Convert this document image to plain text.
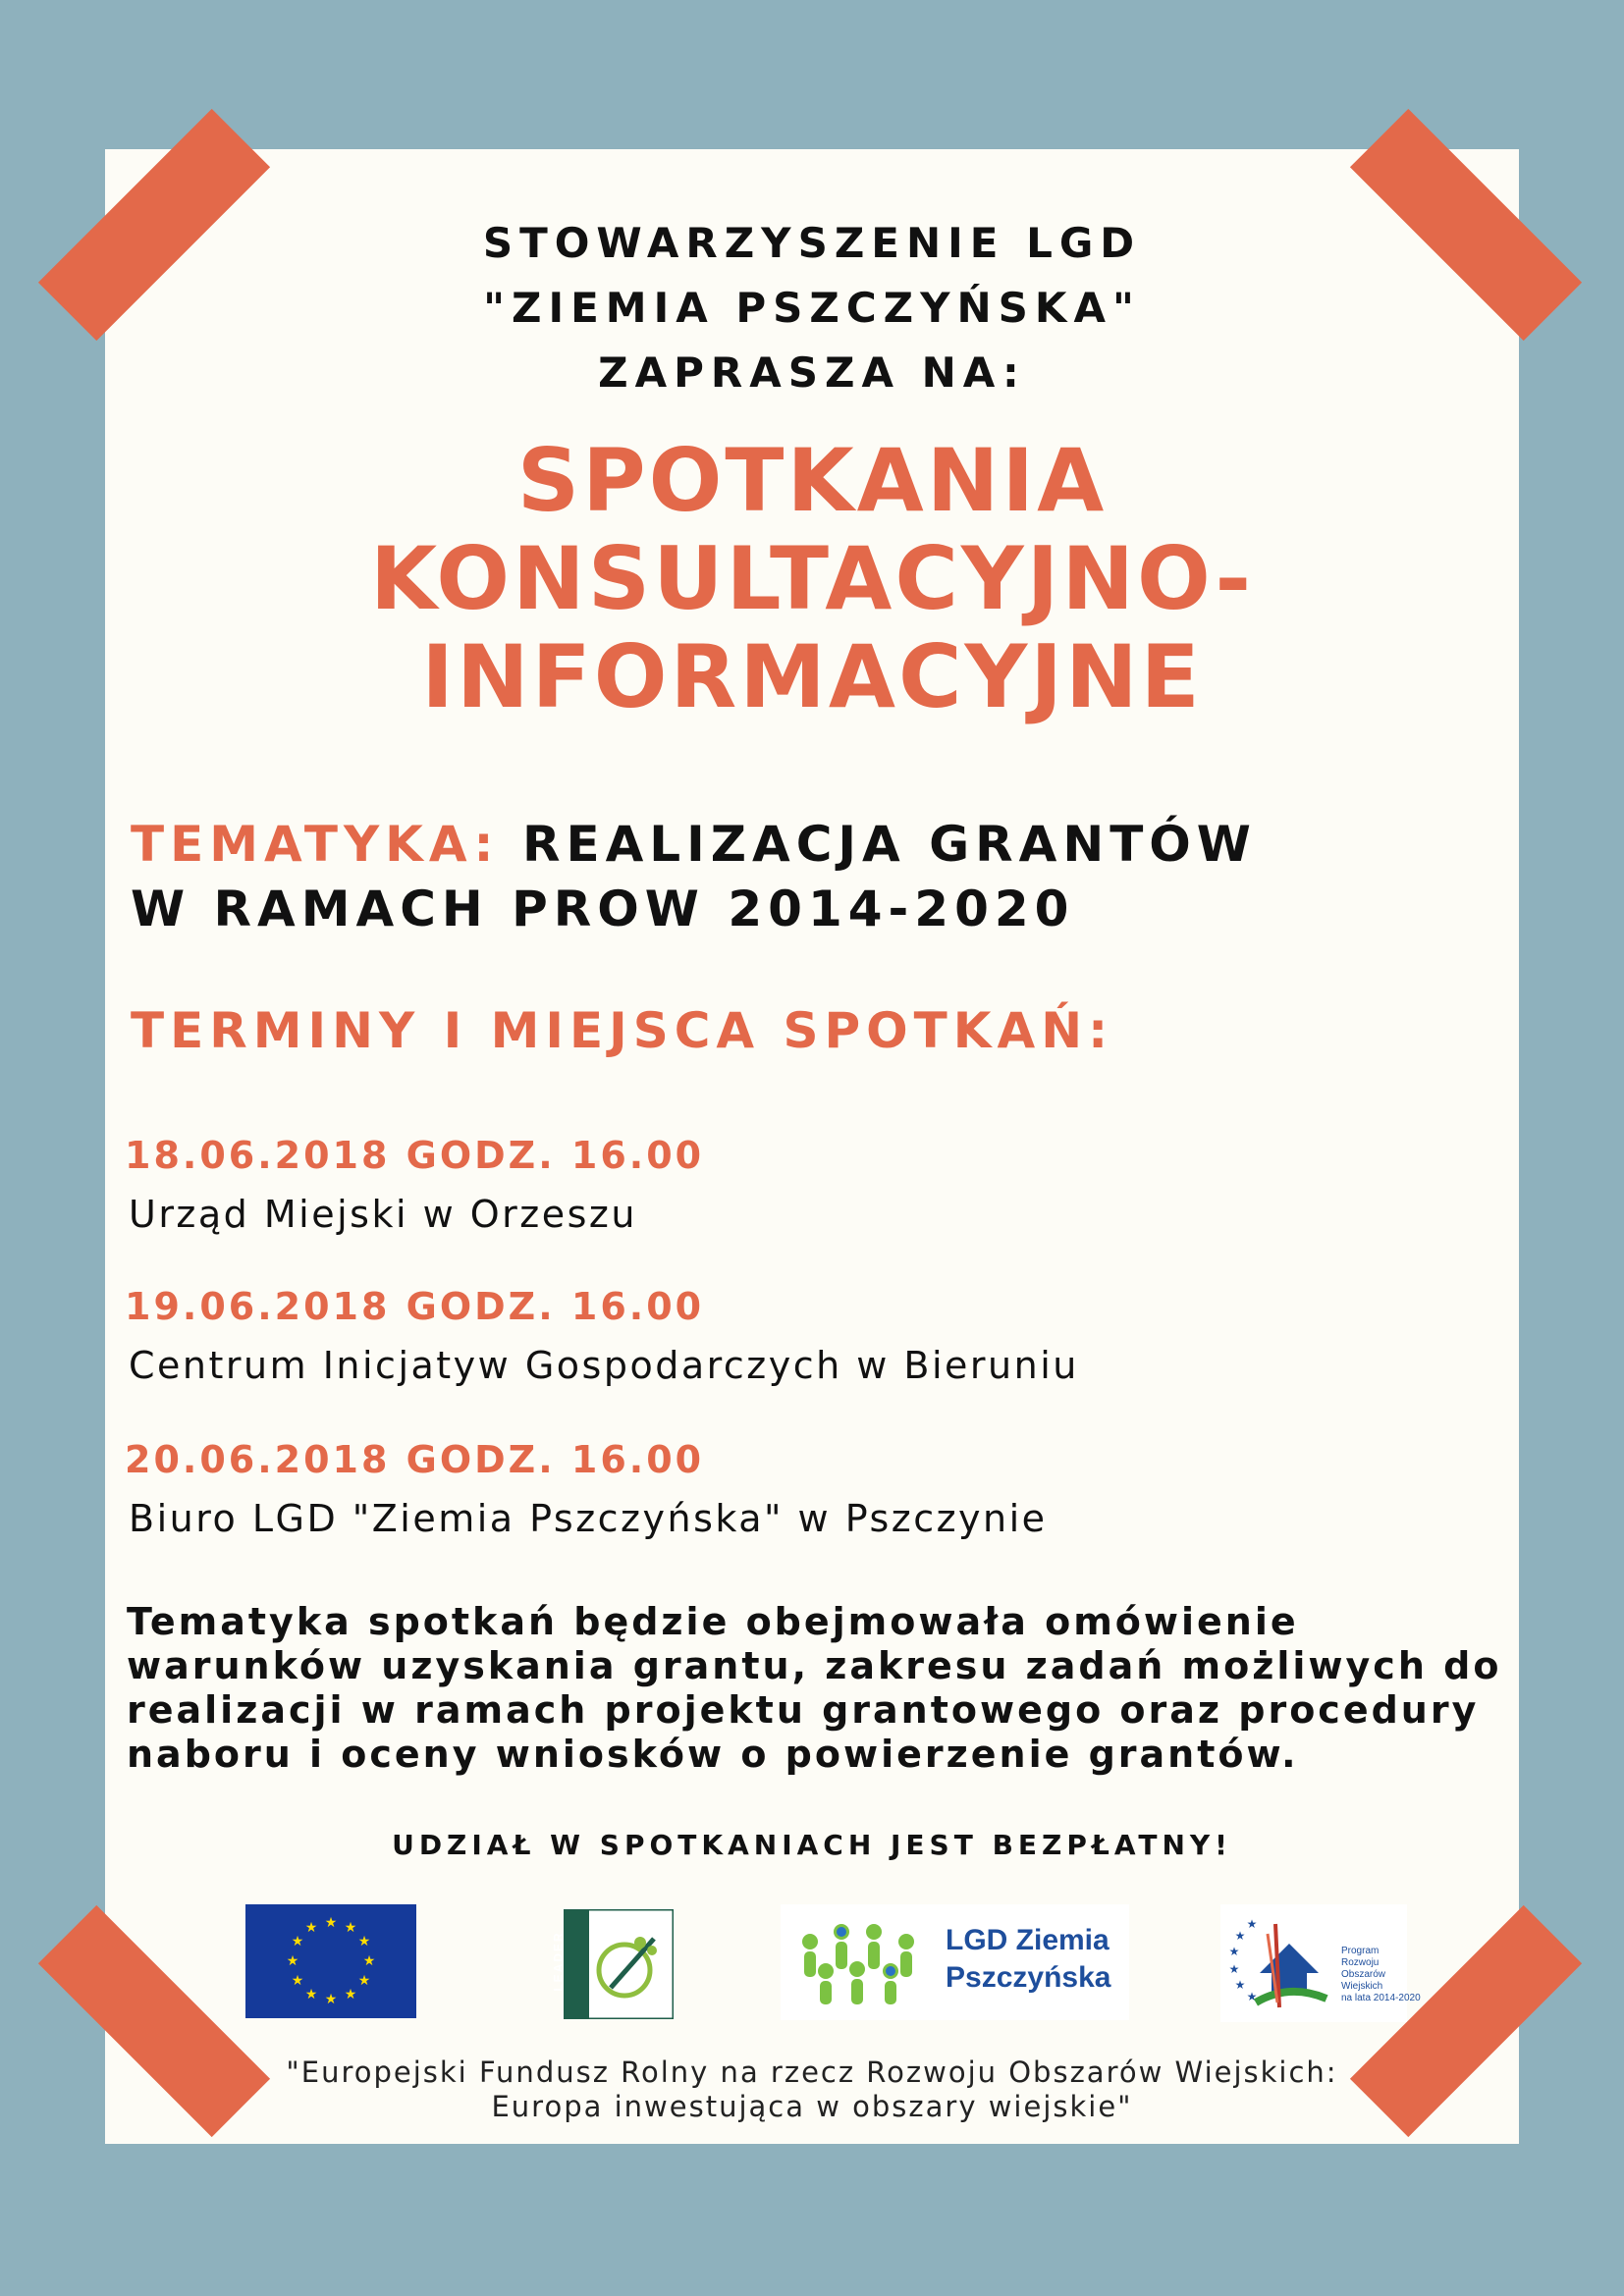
STOWARZYSZENIE LGD
"ZIEMIA PSZCZYŃSKA"
ZAPRASZA NA:
SPOTKANIA
KONSULTACYJNO-
INFORMACYJNE
TEMATYKA: REALIZACJA GRANTÓW
W RAMACH PROW 2014-2020
TERMINY I MIEJSCA SPOTKAŃ:
18.06.2018 GODZ. 16.00
Urząd Miejski w Orzeszu
19.06.2018 GODZ. 16.00
Centrum Inicjatyw Gospodarczych w Bieruniu
20.06.2018 GODZ. 16.00
Biuro LGD "Ziemia Pszczyńska" w Pszczynie
Tematyka spotkań będzie obejmowała omówienie
warunków uzyskania grantu, zakresu zadań możliwych do
realizacji w ramach projektu grantowego oraz procedury
naboru i oceny wniosków o powierzenie grantów.
UDZIAŁ W SPOTKANIACH JEST BEZPŁATNY!
★ ★
★
★
★
★
★
★
★
★
★
★
LEADER	LGD Ziemia
Pszczyńska
★
★
★
★
★
★
Program
Rozwoju
Obszarów
Wiejskich
na lata 2014-2020
"Europejski Fundusz Rolny na rzecz Rozwoju Obszarów Wiejskich:
Europa inwestująca w obszary wiejskie"
